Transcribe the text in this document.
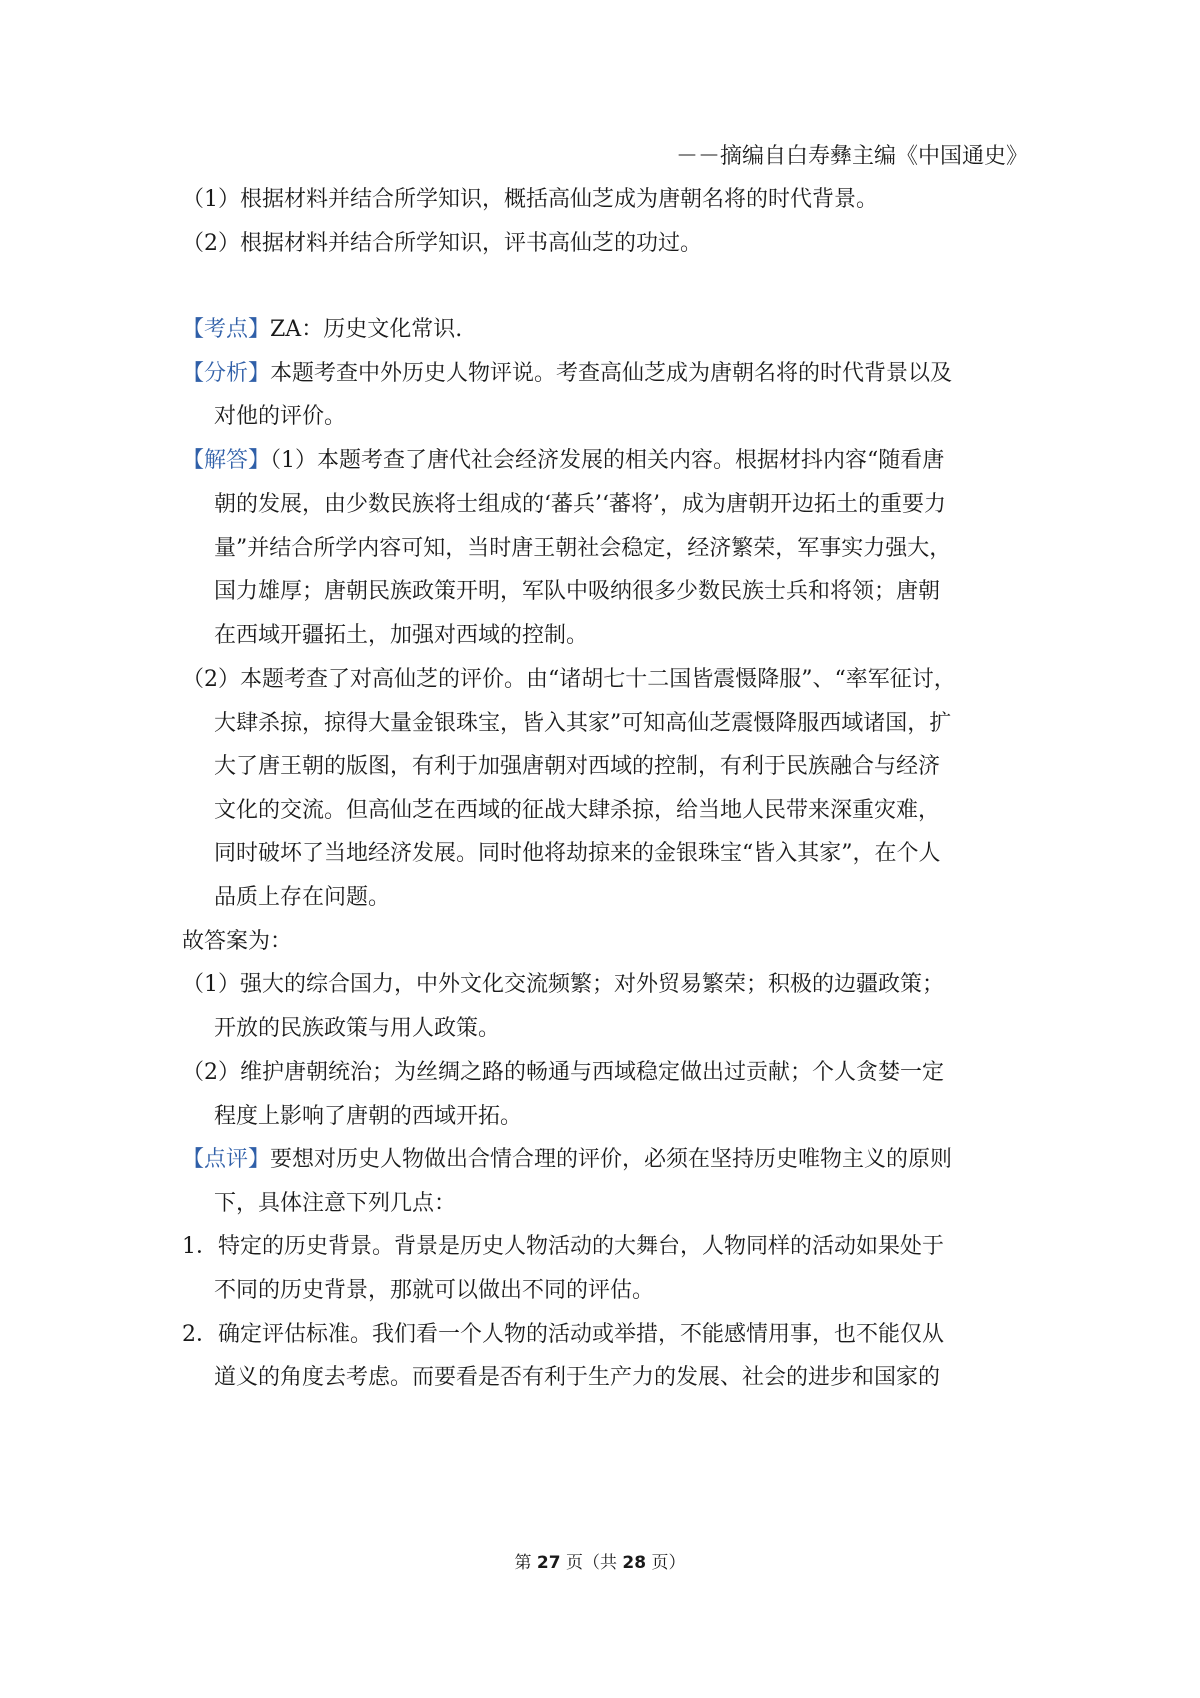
－－摘编自白寿彝主编《中国通史》
（1）根据材料并结合所学知识，概括高仙芝成为唐朝名将的时代背景。
（2）根据材料并结合所学知识，评书高仙芝的功过。
【考点】ZA：历史文化常识.
【分析】本题考查中外历史人物评说。考查高仙芝成为唐朝名将的时代背景以及
对他的评价。
【解答】（1）本题考查了唐代社会经济发展的相关内容。根据材抖内容“随看唐
朝的发展，由少数民族将士组成的‘蕃兵’‘蕃将’，成为唐朝开边拓土的重要力
量”并结合所学内容可知，当时唐王朝社会稳定，经济繁荣，军事实力强大，
国力雄厚；唐朝民族政策开明，军队中吸纳很多少数民族士兵和将领；唐朝
在西域开疆拓土，加强对西域的控制。
（2）本题考查了对高仙芝的评价。由“诸胡七十二国皆震慑降服”、“率军征讨，
大肆杀掠，掠得大量金银珠宝，皆入其家”可知高仙芝震慑降服西域诸国，扩
大了唐王朝的版图，有利于加强唐朝对西域的控制，有利于民族融合与经济
文化的交流。但高仙芝在西域的征战大肆杀掠，给当地人民带来深重灾难，
同时破坏了当地经济发展。同时他将劫掠来的金银珠宝“皆入其家”，在个人
品质上存在问题。
故答案为：
（1）强大的综合国力，中外文化交流频繁；对外贸易繁荣；积极的边疆政策；
开放的民族政策与用人政策。
（2）维护唐朝统治；为丝绸之路的畅通与西域稳定做出过贡献；个人贪婪一定
程度上影响了唐朝的西域开拓。
【点评】要想对历史人物做出合情合理的评价，必须在坚持历史唯物主义的原则
下，具体注意下列几点：
1．特定的历史背景。背景是历史人物活动的大舞台，人物同样的活动如果处于
不同的历史背景，那就可以做出不同的评估。
2．确定评估标准。我们看一个人物的活动或举措，不能感情用事，也不能仅从
道义的角度去考虑。而要看是否有利于生产力的发展、社会的进步和国家的
第 27 页（共 28 页）
